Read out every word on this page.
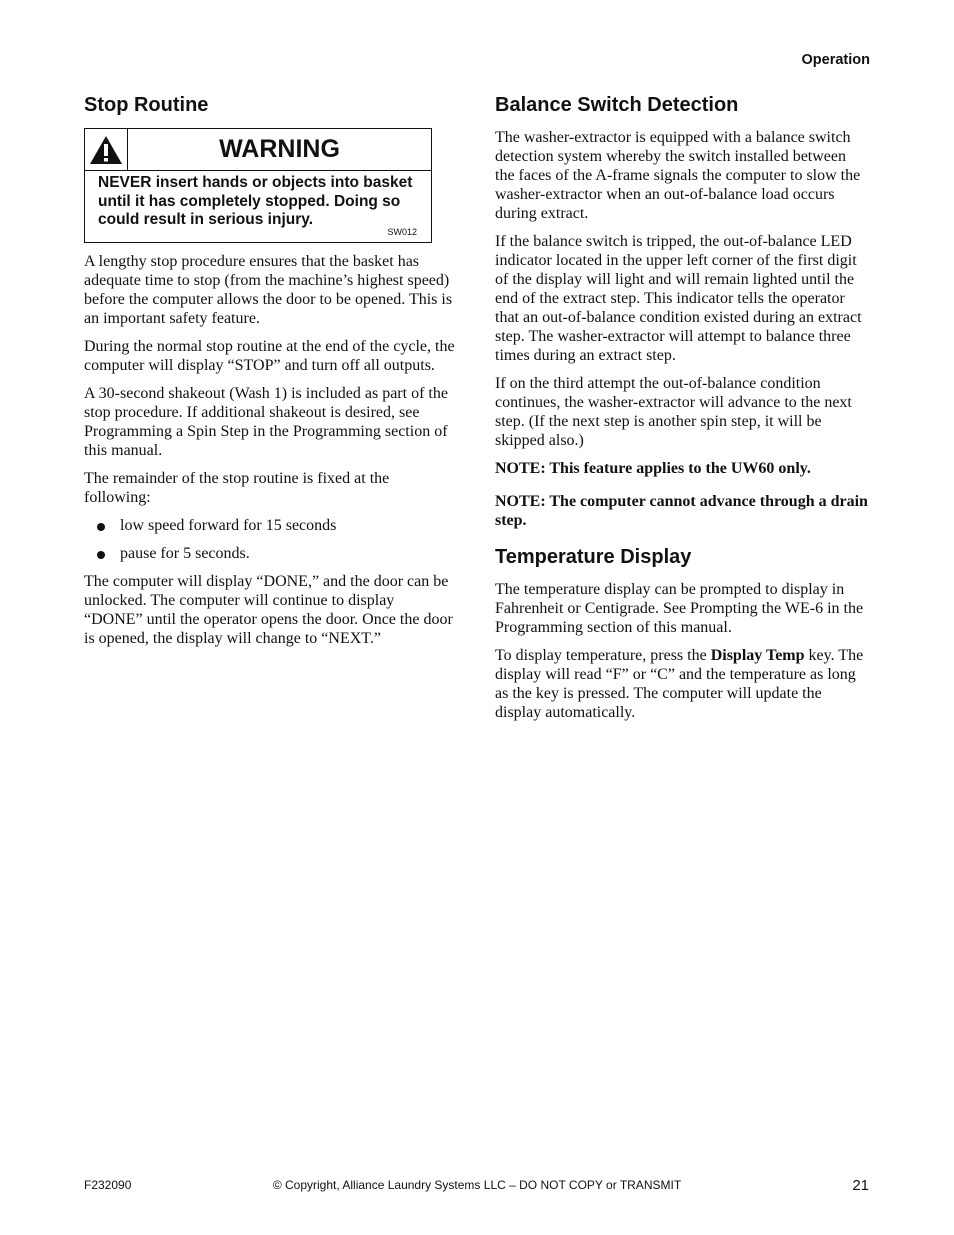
Operation
Stop Routine
WARNING
NEVER insert hands or objects into basket until it has completely stopped. Doing so could result in serious injury.
SW012

A lengthy stop procedure ensures that the basket has adequate time to stop (from the machine’s highest speed) before the computer allows the door to be opened. This is an important safety feature.

During the normal stop routine at the end of the cycle, the computer will display “STOP” and turn off all outputs.

A 30-second shakeout (Wash 1) is included as part of the stop procedure. If additional shakeout is desired, see Programming a Spin Step in the Programming section of this manual.

The remainder of the stop routine is fixed at the following:

low speed forward for 15 seconds
pause for 5 seconds.

The computer will display “DONE,” and the door can be unlocked. The computer will continue to display “DONE” until the operator opens the door. Once the door is opened, the display will change to “NEXT.”

Balance Switch Detection

The washer-extractor is equipped with a balance switch detection system whereby the switch installed between the faces of the A-frame signals the computer to slow the washer-extractor when an out-of-balance load occurs during extract.

If the balance switch is tripped, the out-of-balance LED indicator located in the upper left corner of the first digit of the display will light and will remain lighted until the end of the extract step. This indicator tells the operator that an out-of-balance condition existed during an extract step. The washer-extractor will attempt to balance three times during an extract step.

If on the third attempt the out-of-balance condition continues, the washer-extractor will advance to the next step. (If the next step is another spin step, it will be skipped also.)

NOTE: This feature applies to the UW60 only.

NOTE: The computer cannot advance through a drain step.

Temperature Display

The temperature display can be prompted to display in Fahrenheit or Centigrade. See Prompting the WE-6 in the Programming section of this manual.

To display temperature, press the Display Temp key. The display will read “F” or “C” and the temperature as long as the key is pressed. The computer will update the display automatically.

F232090	© Copyright, Alliance Laundry Systems LLC – DO NOT COPY or TRANSMIT	21
